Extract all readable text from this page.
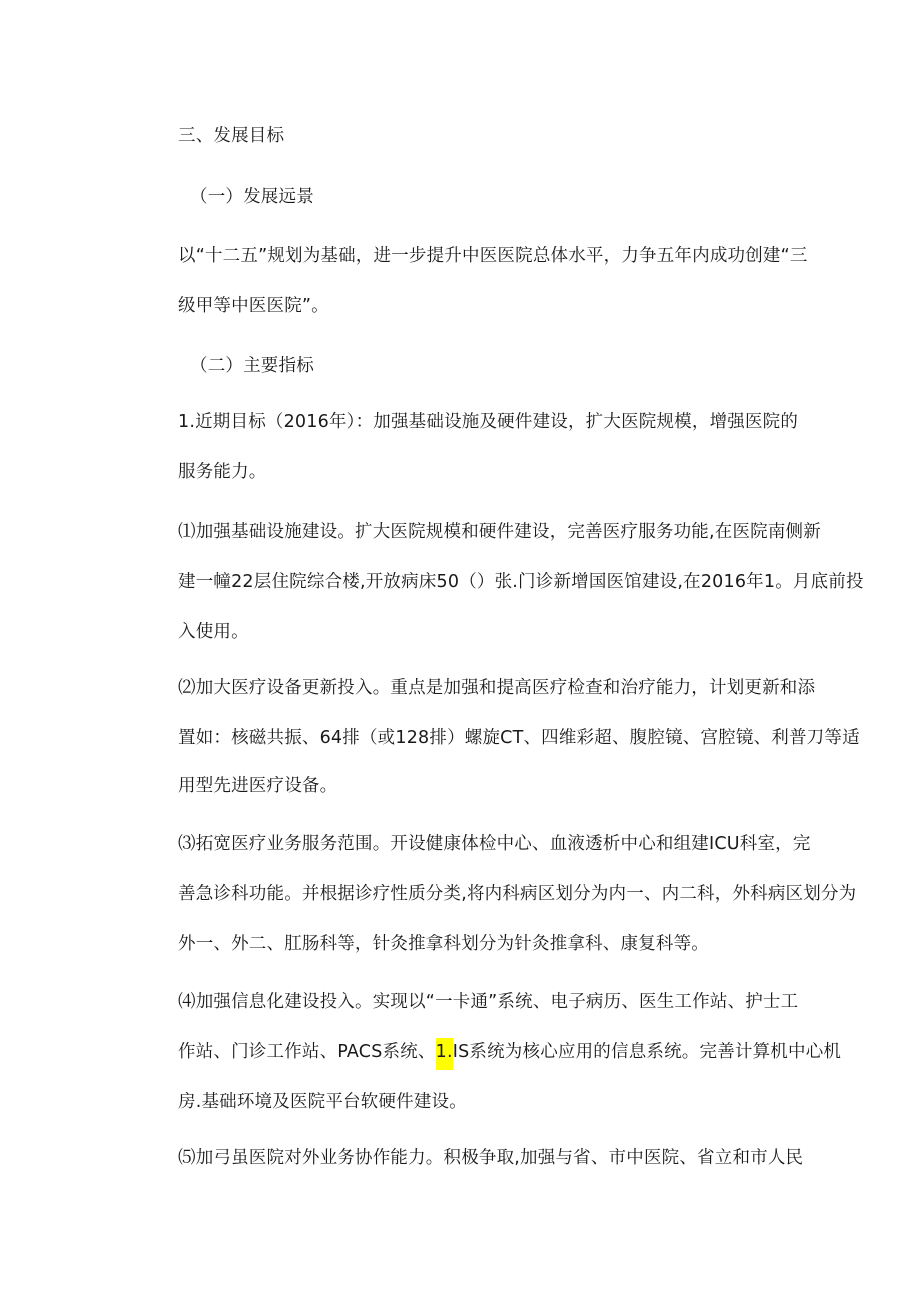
三、发展目标
（一）发展远景
以“十二五”规划为基础，进一步提升中医医院总体水平，力争五年内成功创建“三
级甲等中医医院”。
（二）主要指标
1.近期目标（2016年）：加强基础设施及硬件建设，扩大医院规模，增强医院的
服务能力。
⑴加强基础设施建设。扩大医院规模和硬件建设，完善医疗服务功能,在医院南侧新
建一幢22层住院综合楼,开放病床50（）张.门诊新增国医馆建设,在2016年1。月底前投
入使用。
⑵加大医疗设备更新投入。重点是加强和提高医疗检查和治疗能力，计划更新和添
置如：核磁共振、64排（或128排）螺旋CT、四维彩超、腹腔镜、宫腔镜、利普刀等适
用型先进医疗设备。
⑶拓宽医疗业务服务范围。开设健康体检中心、血液透析中心和组建ICU科室，完
善急诊科功能。并根据诊疗性质分类,将内科病区划分为内一、内二科，外科病区划分为
外一、外二、肛肠科等，针灸推拿科划分为针灸推拿科、康复科等。
⑷加强信息化建设投入。实现以“一卡通”系统、电子病历、医生工作站、护士工
作站、门诊工作站、PACS系统、1.IS系统为核心应用的信息系统。完善计算机中心机
房.基础环境及医院平台软硬件建设。
⑸加弓虽医院对外业务协作能力。积极争取,加强与省、市中医院、省立和市人民
